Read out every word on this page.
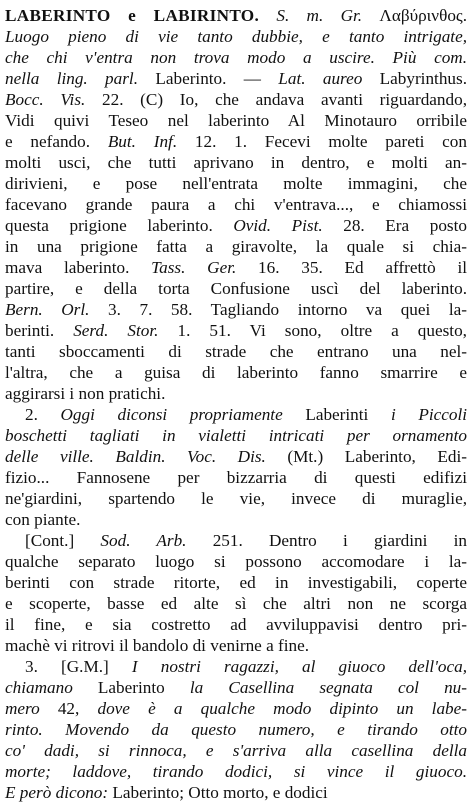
LABERINTO e LABIRINTO. S. m. Gr. Λαβύρινθος.
Luogo pieno di vie tanto dubbie, e tanto intrigate,
che chi v'entra non trova modo a uscire. Più com.
nella ling. parl. Laberinto. — Lat. aureo Labyrinthus.
Bocc. Vis. 22. (C) Io, che andava avanti riguardando,
Vidi quivi Teseo nel laberinto Al Minotauro orribile
e nefando. But. Inf. 12. 1. Fecevi molte pareti con
molti usci, che tutti aprivano in dentro, e molti an-
dirivieni, e pose nell'entrata molte immagini, che
facevano grande paura a chi v'entrava..., e chiamossi
questa prigione laberinto. Ovid. Pist. 28. Era posto
in una prigione fatta a giravolte, la quale si chia-
mava laberinto. Tass. Ger. 16. 35. Ed affrettò il
partire, e della torta Confusione uscì del laberinto.
Bern. Orl. 3. 7. 58. Tagliando intorno va quei la-
berinti. Serd. Stor. 1. 51. Vi sono, oltre a questo,
tanti sboccamenti di strade che entrano una nel-
l'altra, che a guisa di laberinto fanno smarrire e
aggirarsi i non pratichi.
2. Oggi diconsi propriamente Laberinti i Piccoli
boschetti tagliati in vialetti intricati per ornamento
delle ville. Baldin. Voc. Dis. (Mt.) Laberinto, Edi-
fizio... Fannosene per bizzarria di questi edifizi
ne'giardini, spartendo le vie, invece di muraglie,
con piante.
[Cont.] Sod. Arb. 251. Dentro i giardini in
qualche separato luogo si possono accomodare i la-
berinti con strade ritorte, ed in investigabili, coperte
e scoperte, basse ed alte sì che altri non ne scorga
il fine, e sia costretto ad avviluppavisi dentro pri-
machè vi ritrovi il bandolo di venirne a fine.
3. [G.M.] I nostri ragazzi, al giuoco dell'oca,
chiamano Laberinto la Casellina segnata col nu-
mero 42, dove è a qualche modo dipinto un labe-
rinto. Movendo da questo numero, e tirando otto
co' dadi, si rinnoca, e s'arriva alla casellina della
morte; laddove, tirando dodici, si vince il giuoco.
E però dicono: Laberinto; Otto morto, e dodici
